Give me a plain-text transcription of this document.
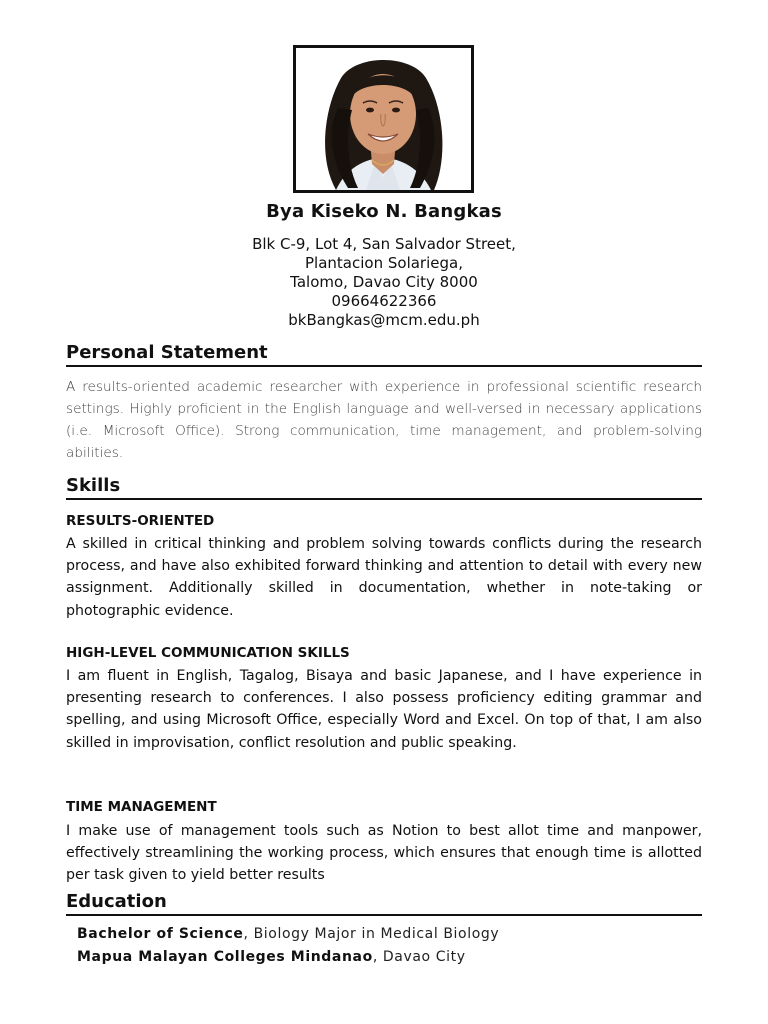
Bya Kiseko N. Bangkas
Blk C-9, Lot 4, San Salvador Street,
Plantacion Solariega,
Talomo, Davao City 8000
09664622366
bkBangkas@mcm.edu.ph
Personal Statement
A results-oriented academic researcher with experience in professional scientific research settings. Highly proficient in the English language and well-versed in necessary applications (i.e. Microsoft Office). Strong communication, time management, and problem-solving abilities.
Skills
RESULTS-ORIENTED
A skilled in critical thinking and problem solving towards conflicts during the research process, and have also exhibited forward thinking and attention to detail with every new assignment. Additionally skilled in documentation, whether in note-taking or photographic evidence.
HIGH-LEVEL COMMUNICATION SKILLS
I am fluent in English, Tagalog, Bisaya and basic Japanese, and I have experience in presenting research to conferences. I also possess proficiency editing grammar and spelling, and using Microsoft Office, especially Word and Excel. On top of that, I am also skilled in improvisation, conflict resolution and public speaking.
TIME MANAGEMENT
I make use of management tools such as Notion to best allot time and manpower, effectively streamlining the working process, which ensures that enough time is allotted per task given to yield better results
Education
Bachelor of Science, Biology Major in Medical Biology
Mapua Malayan Colleges Mindanao, Davao City
